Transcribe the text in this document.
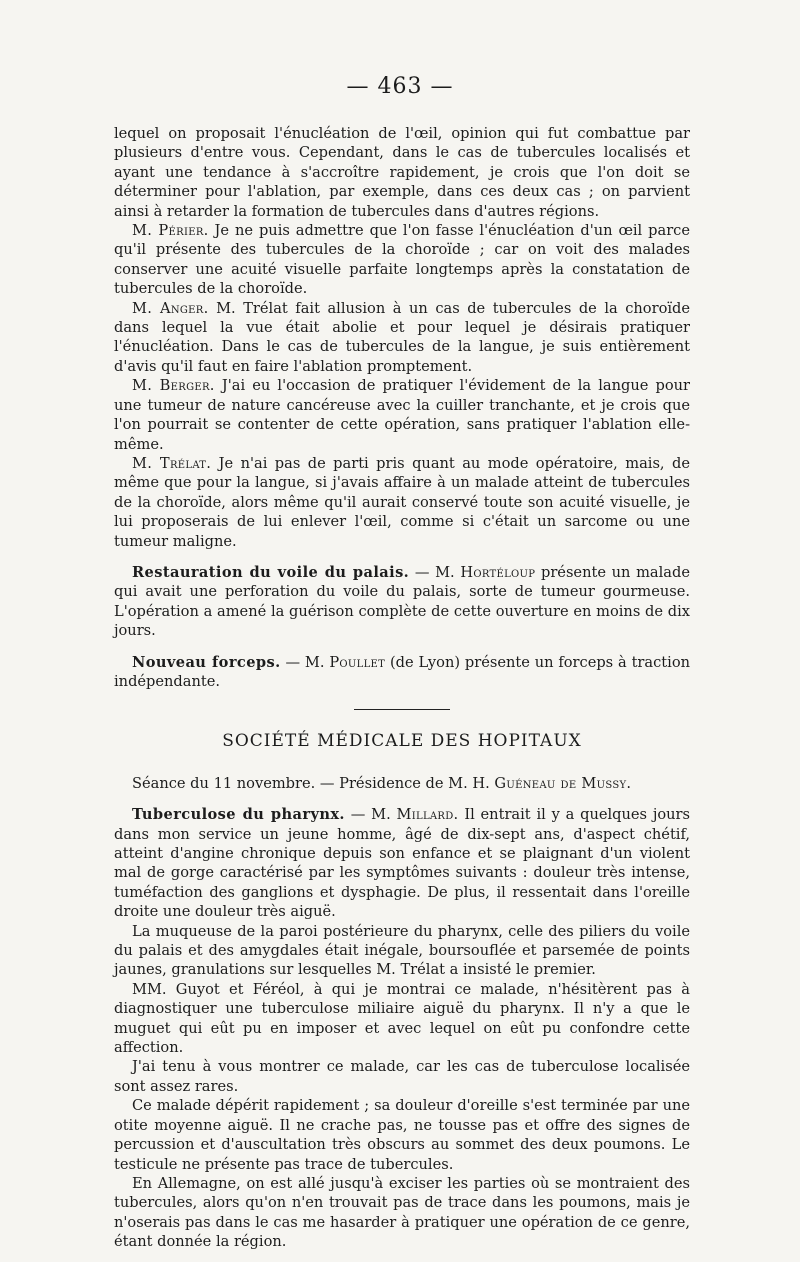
— 463 —

lequel on proposait l'énucléation de l'œil, opinion qui fut combattue par plusieurs d'entre vous. Cependant, dans le cas de tubercules localisés et ayant une tendance à s'accroître rapidement, je crois que l'on doit se déterminer pour l'ablation, par exemple, dans ces deux cas ; on parvient ainsi à retarder la formation de tubercules dans d'autres régions.

M. Périer. Je ne puis admettre que l'on fasse l'énucléation d'un œil parce qu'il présente des tubercules de la choroïde ; car on voit des malades conserver une acuité visuelle parfaite longtemps après la constatation de tubercules de la choroïde.

M. Anger. M. Trélat fait allusion à un cas de tubercules de la choroïde dans lequel la vue était abolie et pour lequel je désirais pratiquer l'énucléation. Dans le cas de tubercules de la langue, je suis entièrement d'avis qu'il faut en faire l'ablation promptement.

M. Berger. J'ai eu l'occasion de pratiquer l'évidement de la langue pour une tumeur de nature cancéreuse avec la cuiller tranchante, et je crois que l'on pourrait se contenter de cette opération, sans pratiquer l'ablation elle-même.

M. Trélat. Je n'ai pas de parti pris quant au mode opératoire, mais, de même que pour la langue, si j'avais affaire à un malade atteint de tubercules de la choroïde, alors même qu'il aurait conservé toute son acuité visuelle, je lui proposerais de lui enlever l'œil, comme si c'était un sarcome ou une tumeur maligne.

Restauration du voile du palais. — M. Hortéloup présente un malade qui avait une perforation du voile du palais, sorte de tumeur gourmeuse. L'opération a amené la guérison complète de cette ouverture en moins de dix jours.

Nouveau forceps. — M. Poullet (de Lyon) présente un forceps à traction indépendante.

SOCIÉTÉ MÉDICALE DES HOPITAUX

Séance du 11 novembre. — Présidence de M. H. Guéneau de Mussy.

Tuberculose du pharynx. — M. Millard. Il entrait il y a quelques jours dans mon service un jeune homme, âgé de dix-sept ans, d'aspect chétif, atteint d'angine chronique depuis son enfance et se plaignant d'un violent mal de gorge caractérisé par les symptômes suivants : douleur très intense, tuméfaction des ganglions et dysphagie. De plus, il ressentait dans l'oreille droite une douleur très aiguë.

La muqueuse de la paroi postérieure du pharynx, celle des piliers du voile du palais et des amygdales était inégale, boursouflée et parsemée de points jaunes, granulations sur lesquelles M. Trélat a insisté le premier.

MM. Guyot et Féréol, à qui je montrai ce malade, n'hésitèrent pas à diagnostiquer une tuberculose miliaire aiguë du pharynx. Il n'y a que le muguet qui eût pu en imposer et avec lequel on eût pu confondre cette affection.

J'ai tenu à vous montrer ce malade, car les cas de tuberculose localisée sont assez rares.

Ce malade dépérit rapidement ; sa douleur d'oreille s'est terminée par une otite moyenne aiguë. Il ne crache pas, ne tousse pas et offre des signes de percussion et d'auscultation très obscurs au sommet des deux poumons. Le testicule ne présente pas trace de tubercules.

En Allemagne, on est allé jusqu'à exciser les parties où se montraient des tubercules, alors qu'on n'en trouvait pas de trace dans les poumons, mais je n'oserais pas dans le cas me hasarder à pratiquer une opération de ce genre, étant donnée la région.
